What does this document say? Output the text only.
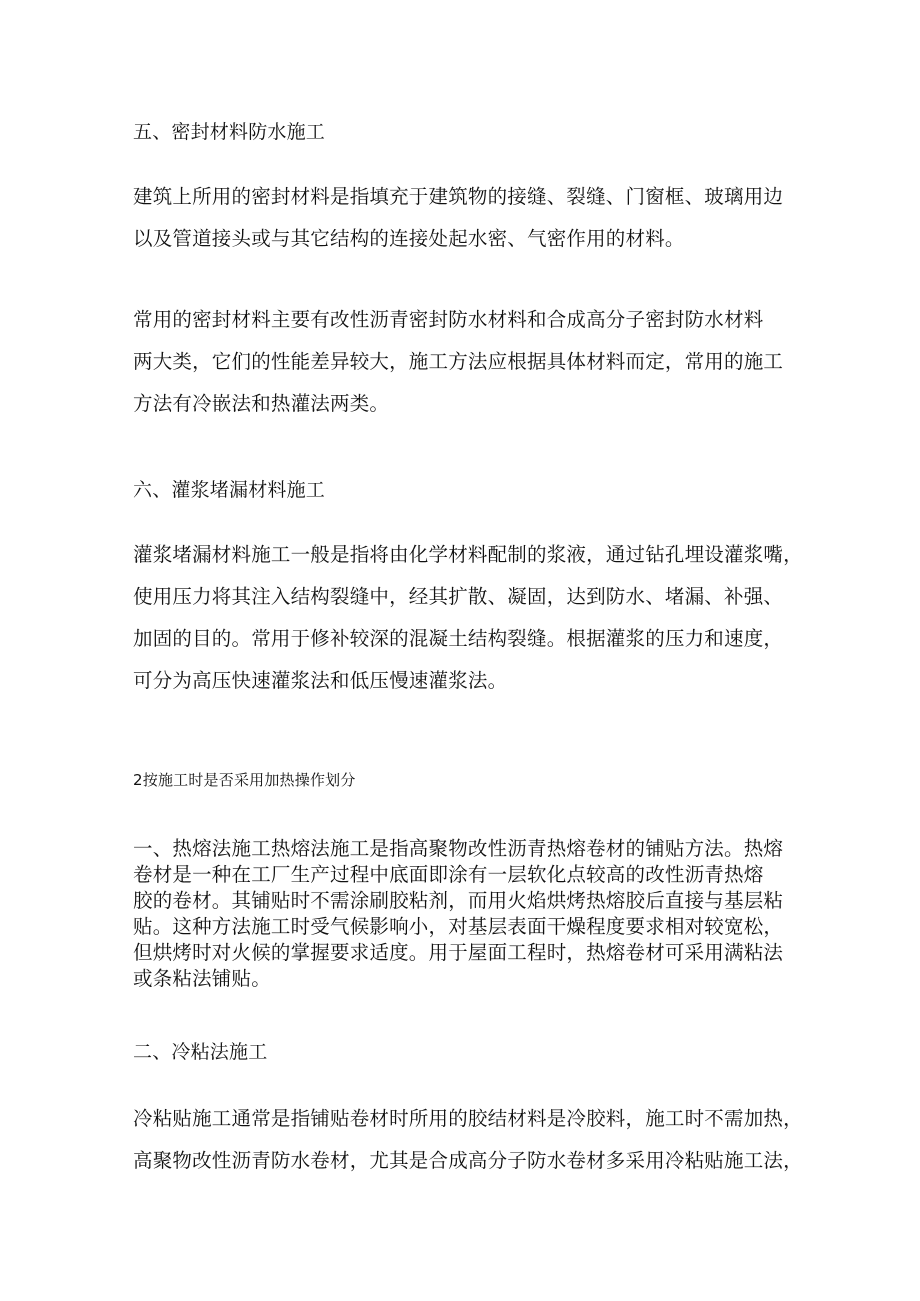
五、密封材料防水施工

建筑上所用的密封材料是指填充于建筑物的接缝、裂缝、门窗框、玻璃用边
以及管道接头或与其它结构的连接处起水密、气密作用的材料。

常用的密封材料主要有改性沥青密封防水材料和合成高分子密封防水材料
两大类，它们的性能差异较大，施工方法应根据具体材料而定，常用的施工
方法有冷嵌法和热灌法两类。

六、灌浆堵漏材料施工

灌浆堵漏材料施工一般是指将由化学材料配制的浆液，通过钻孔埋设灌浆嘴，
使用压力将其注入结构裂缝中，经其扩散、凝固，达到防水、堵漏、补强、
加固的目的。常用于修补较深的混凝土结构裂缝。根据灌浆的压力和速度，
可分为高压快速灌浆法和低压慢速灌浆法。

2按施工时是否采用加热操作划分

一、热熔法施工热熔法施工是指高聚物改性沥青热熔卷材的铺贴方法。热熔
卷材是一种在工厂生产过程中底面即涂有一层软化点较高的改性沥青热熔
胶的卷材。其铺贴时不需涂刷胶粘剂，而用火焰烘烤热熔胶后直接与基层粘
贴。这种方法施工时受气候影响小，对基层表面干燥程度要求相对较宽松，
但烘烤时对火候的掌握要求适度。用于屋面工程时，热熔卷材可采用满粘法
或条粘法铺贴。

二、冷粘法施工

冷粘贴施工通常是指铺贴卷材时所用的胶结材料是冷胶料，施工时不需加热，
高聚物改性沥青防水卷材，尤其是合成高分子防水卷材多采用冷粘贴施工法，
